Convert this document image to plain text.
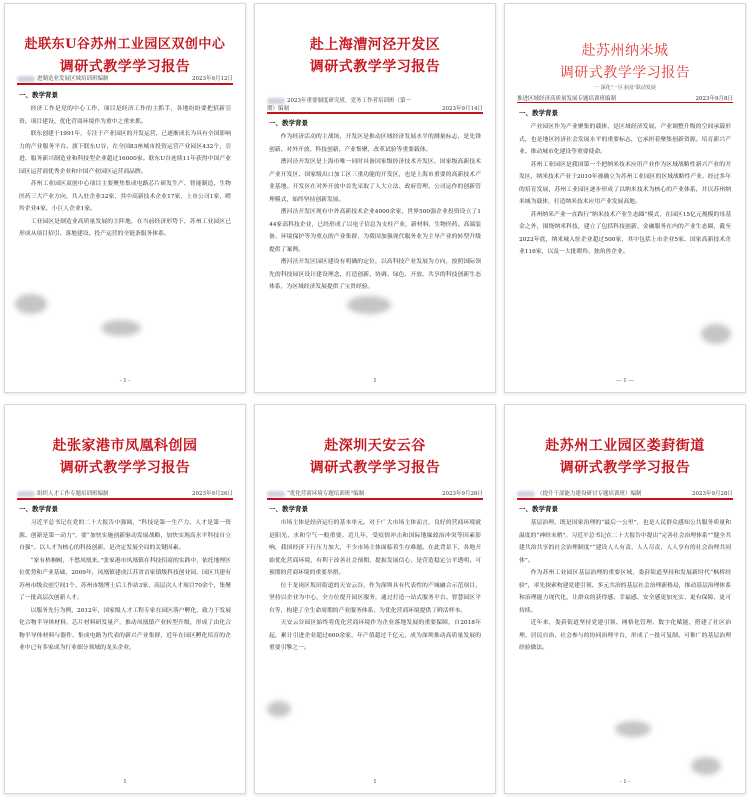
赴联东U谷苏州工业园区双创中心
调研式教学学习报告
进制造业发展区域培训班编制	2023年9月12日
一、教学背景

经济工作是党的中心工作，项目是经济工作的主抓手，各地纷纷要把招新引资、项目建设、优化营商环境作为重中之重来抓。

联东创建于1991年，专注于产业园区的开发运营，已逐渐成长为具有全国影响力的产业服务平台。旗下联东U谷，在全国83座城市投资运营产业园区432个，引进、服务新兴制造业和科技型企业超过16000家。联东U谷连续11年获得中国产业园区运营商优秀企业和中国产业园区运营商品牌。

苏州工业园区双创中心项目主要聚焦集成电路芯片研发生产、智能制造、生物医药三大产业方向，共入驻企业32家，其中高新技术企业17家，上市公司1家，瞪羚企业4家，小巨人企业1家。

工业园区是制造业高质量发展的主阵地，在当前经济形势下，苏州工业园区已形成从项目招引、落地建设、投产运营的全链条服务体系。

- 1 -
赴上海漕河泾开发区
调研式教学学习报告
2023年重要制度研究班，党务工作者培训班（第一期）编制	2023年9月14日
一、教学背景

作为经济活动的主战场，开发区是推动区域经济发展水平的测量标志，是先锋创新、对外开放、科技创新、产业集聚、改革试验等重要载体。

漕河泾开发区是上海市唯一同时具备国家级经济技术开发区、国家级高新技术产业开发区、国家级出口加工区三重功能的开发区，也是上海市重要的高新技术产业基地。开发区在对外开放中首先采取了人大立法、政府管理、公司运作的创新管理模式，始终坚持创新发展。

漕河泾开发区现有中外高新技术企业4000余家，世界500强企业投资设立了144家高科技企业，已经形成了以电子信息为支柱产业，新材料、生物医药、高端装备、环境保护等为重点的产业集群，为我国加强现代服务业为主导产业的转型升级提供了案例。

漕河泾开发区园区建设有明确的定位，以高科技产业发展为方向，按照国际领先的科技园区设计建设理念，打造创新、协调、绿色、开放、共享的科技创新生态体系，为区域经济发展提供了宝贵经验。

1
赴苏州纳米城
调研式教学学习报告
一 深化“一区多园”联动发展
推进区域经济高质量发展专题培训班编制	2023年9月8日
一、教学背景

产业园区作为产业聚集的载体，是区域经济发展、产业调整升级的空间承载形式，也是地区经济社会发展水平的重要标志，它承担着聚集创新资源、培育新兴产业、推动城市化建设等重要使命。

苏州工业园区是我国第一个把纳米技术应用产业作为区域战略性新兴产业的开发区，纳米技术产业于2010年被确立为苏州工业园区的区域战略性产业。经过多年的培育发展，苏州工业园区逐步形成了以纳米技术为核心的产业体系，并以苏州纳米城为载体，打造纳米技术应用产业发展高地。

苏州纳米产业一直践行“纳米技术产业生态圈”模式，在园区15亿元规模的母基金之外，围绕纳米科技，建立了包括科技创新、金融服务在内的产业生态圈，截至2022年底，纳米城入驻企业超过500家，其中包括上市企业5家、国家高新技术企业116家，以及一大批瞪羚、独角兽企业。

— 1 —
赴张家港市凤凰科创园
调研式教学学习报告
组织人才工作专题培训班编制	2023年9月26日
一、教学背景

习近平总书记在党的二十大报告中强调，“科技是第一生产力、人才是第一资源、创新是第一动力”，要“加快实施创新驱动发展战略，加快实现高水平科技自立自强”。以人才为核心的科技创新，是决定发展全局的关键因素。

“家有梧桐树，不愁凤凰来。”张家港市凤凰镇在科技招商的实践中，依托地理区位优势和产业基础，2009年，凤凰镇建成江苏省首家镇级科技创业园，园区共建有苏州市级众创空间1个、苏州市级博士后工作站3家、高层次人才项目70余个，集聚了一批高层次创新人才。

以服务先行为例，2012年，国家级人才工程专家在园区落户孵化，致力于发展化合物半导体材料，芯片材料研发量产，推动凤凰镇产业转型升级，形成了由化合物半导体材料与器件、集成电路为代表的新兴产业集群，近年在园区孵化培育的企业中已有多家成为行业细分领域的龙头企业。

1
赴深圳天安云谷
调研式教学学习报告
“优化营商环境专题培训班”编制	2023年9月26日
一、教学背景

市场主体是经济运行的基本单元。对于广大市场主体而言，良好的营商环境就是阳光、水和空气一般重要。近几年，受疫情冲击和国际地缘政治冲突等因素影响，我国经济下行压力加大，不少市场主体面临着生存难题。在此背景下，各地开始优化营商环境，有利于改善社会预期、提振发展信心，是营造稳定公平透明、可预期的营商环境的重要举措。

位于龙岗区坂田街道的天安云谷，作为深圳具有代表性的产城融合示范项目，坚持以企业为中心，全方位提升园区服务，通过打造一站式服务平台、智慧园区平台等，构建了全生命周期的产业服务体系，为优化营商环境提供了鲜活样本。

天安云谷园区始终将优化营商环境作为企业落地发展的重要保障，自2018年起，累计引进企业超过600余家，年产值超过千亿元，成为深圳推动高质量发展的重要引擎之一。

1
赴苏州工业园区娄葑街道
调研式教学学习报告
（提升干部能力建设研讨专题培训班）编制	2023年9月28日
一、教学背景

基层治理，既是国家治理的“最后一公里”，也是人民群众感知公共服务质量和温度的“神经末梢”。习近平总书记在二十大报告中提出“完善社会治理体系”“健全共建共治共享的社会治理制度”“建设人人有责、人人尽责、人人享有的社会治理共同体”。

作为苏州工业园区基层治理的重要区域，娄葑街道坚持和发展新时代“枫桥经验”，率先探索构建党建引领、多元共治的基层社会治理新格局，推动基层治理体系和治理能力现代化，让群众的获得感、幸福感、安全感更加充实、更有保障、更可持续。

近年来，娄葑街道坚持党建引领、网格化管理、数字化赋能，搭建了社区治理、居民自治、社会参与的协同治理平台，形成了一批可复制、可推广的基层治理经验做法。

- 1 -
